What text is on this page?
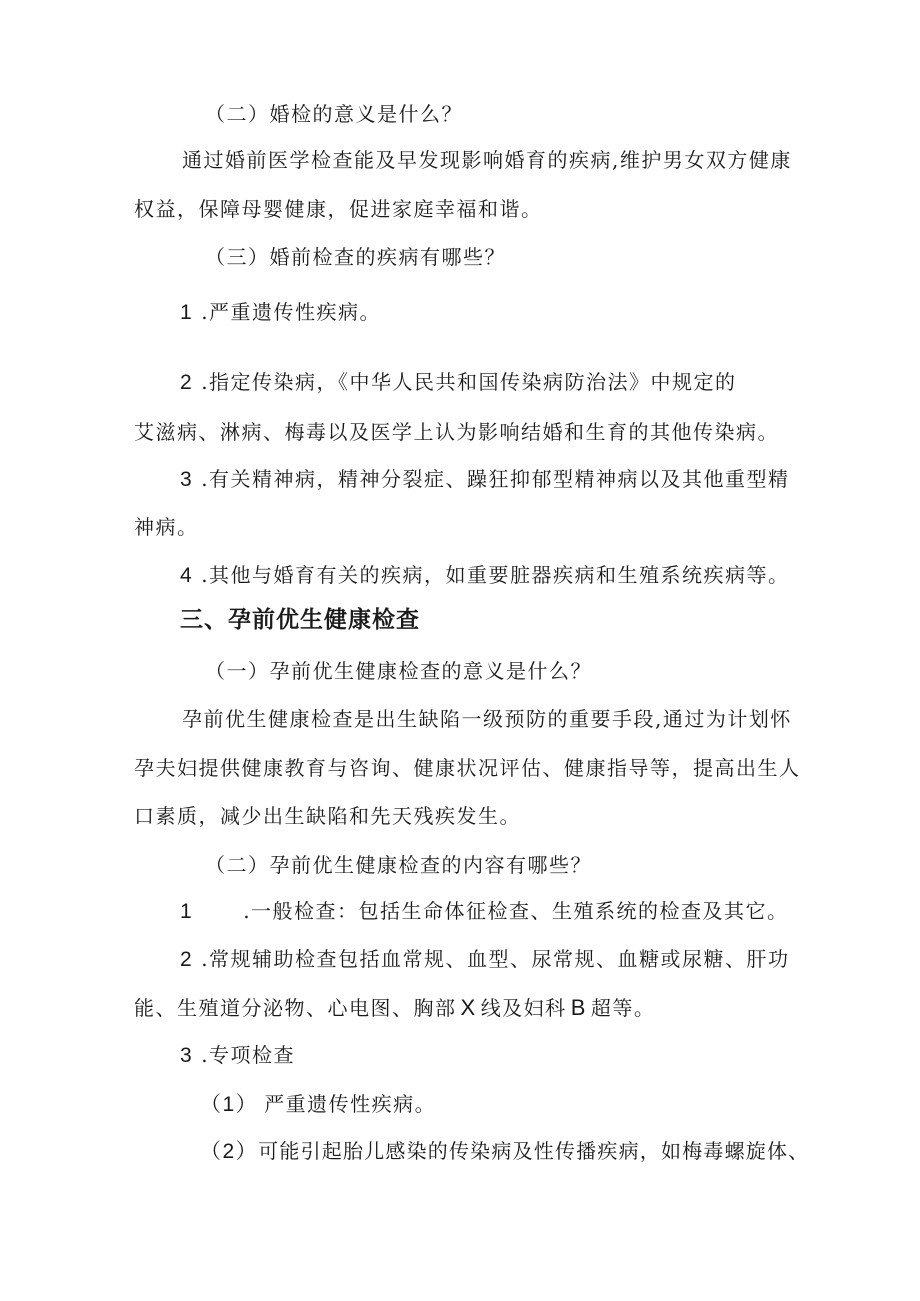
（二）婚检的意义是什么？
通过婚前医学检查能及早发现影响婚育的疾病,维护男女双方健康
权益，保障母婴健康，促进家庭幸福和谐。
（三）婚前检查的疾病有哪些？
1 .严重遗传性疾病。
2 .指定传染病，《中华人民共和国传染病防治法》中规定的
艾滋病、淋病、梅毒以及医学上认为影响结婚和生育的其他传染病。
3 .有关精神病，精神分裂症、躁狂抑郁型精神病以及其他重型精
神病。
4 .其他与婚育有关的疾病，如重要脏器疾病和生殖系统疾病等。
三、孕前优生健康检查
（一）孕前优生健康检查的意义是什么？
孕前优生健康检查是出生缺陷一级预防的重要手段,通过为计划怀
孕夫妇提供健康教育与咨询、健康状况评估、健康指导等，提高出生人
口素质，减少出生缺陷和先天残疾发生。
（二）孕前优生健康检查的内容有哪些？
1	.一般检查：包括生命体征检查、生殖系统的检查及其它。
2 .常规辅助检查包括血常规、血型、尿常规、血糖或尿糖、肝功
能、生殖道分泌物、心电图、胸部 X 线及妇科 B 超等。
3 .专项检查
（1） 严重遗传性疾病。
（2）可能引起胎儿感染的传染病及性传播疾病，如梅毒螺旋体、
